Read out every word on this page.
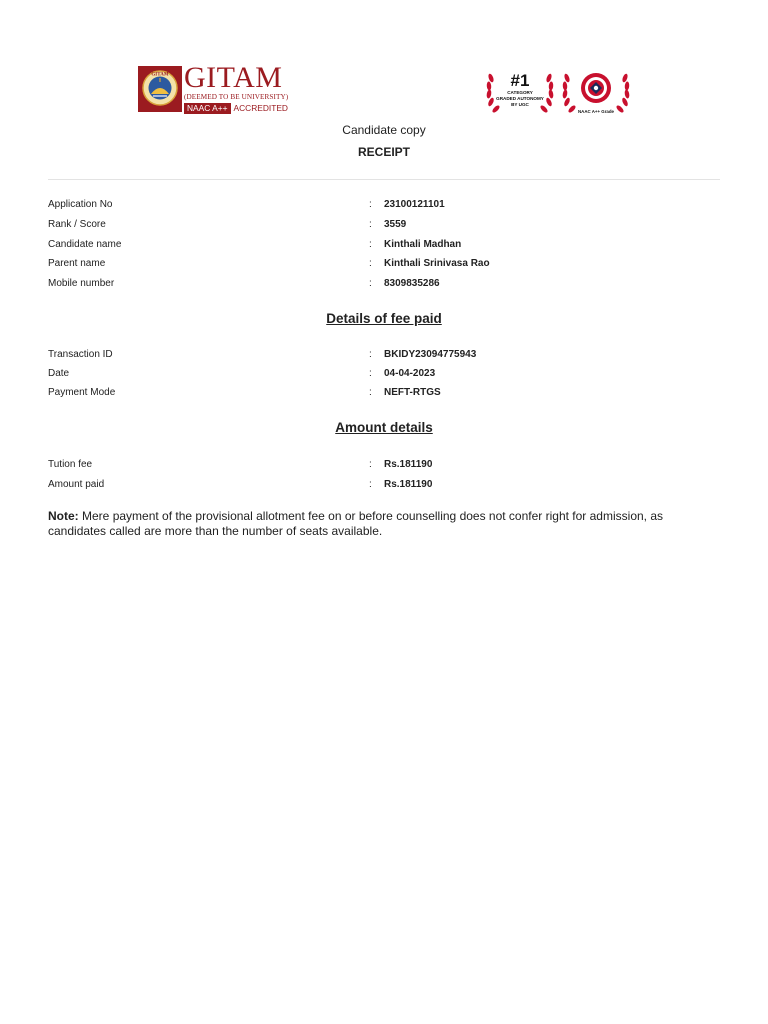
GITAM GITAM
(DEEMED TO BE UNIVERSITY)
NAAC A++ ACCREDITED
#1
CATEGORY
GRADED AUTONOMY
BY UGC
NAAC A++ Grade
Candidate copy
RECEIPT
Application No	: 23100121101
Rank / Score	: 3559
Candidate name	: Kinthali Madhan
Parent name	: Kinthali Srinivasa Rao
Mobile number	: 8309835286
Details of fee paid
Transaction ID	: BKIDY23094775943
Date	: 04-04-2023
Payment Mode	: NEFT-RTGS
Amount details
Tution fee	: Rs.181190
Amount paid	: Rs.181190
Note: Mere payment of the provisional allotment fee on or before counselling does not confer right for admission, as candidates called are more than the number of seats available.
